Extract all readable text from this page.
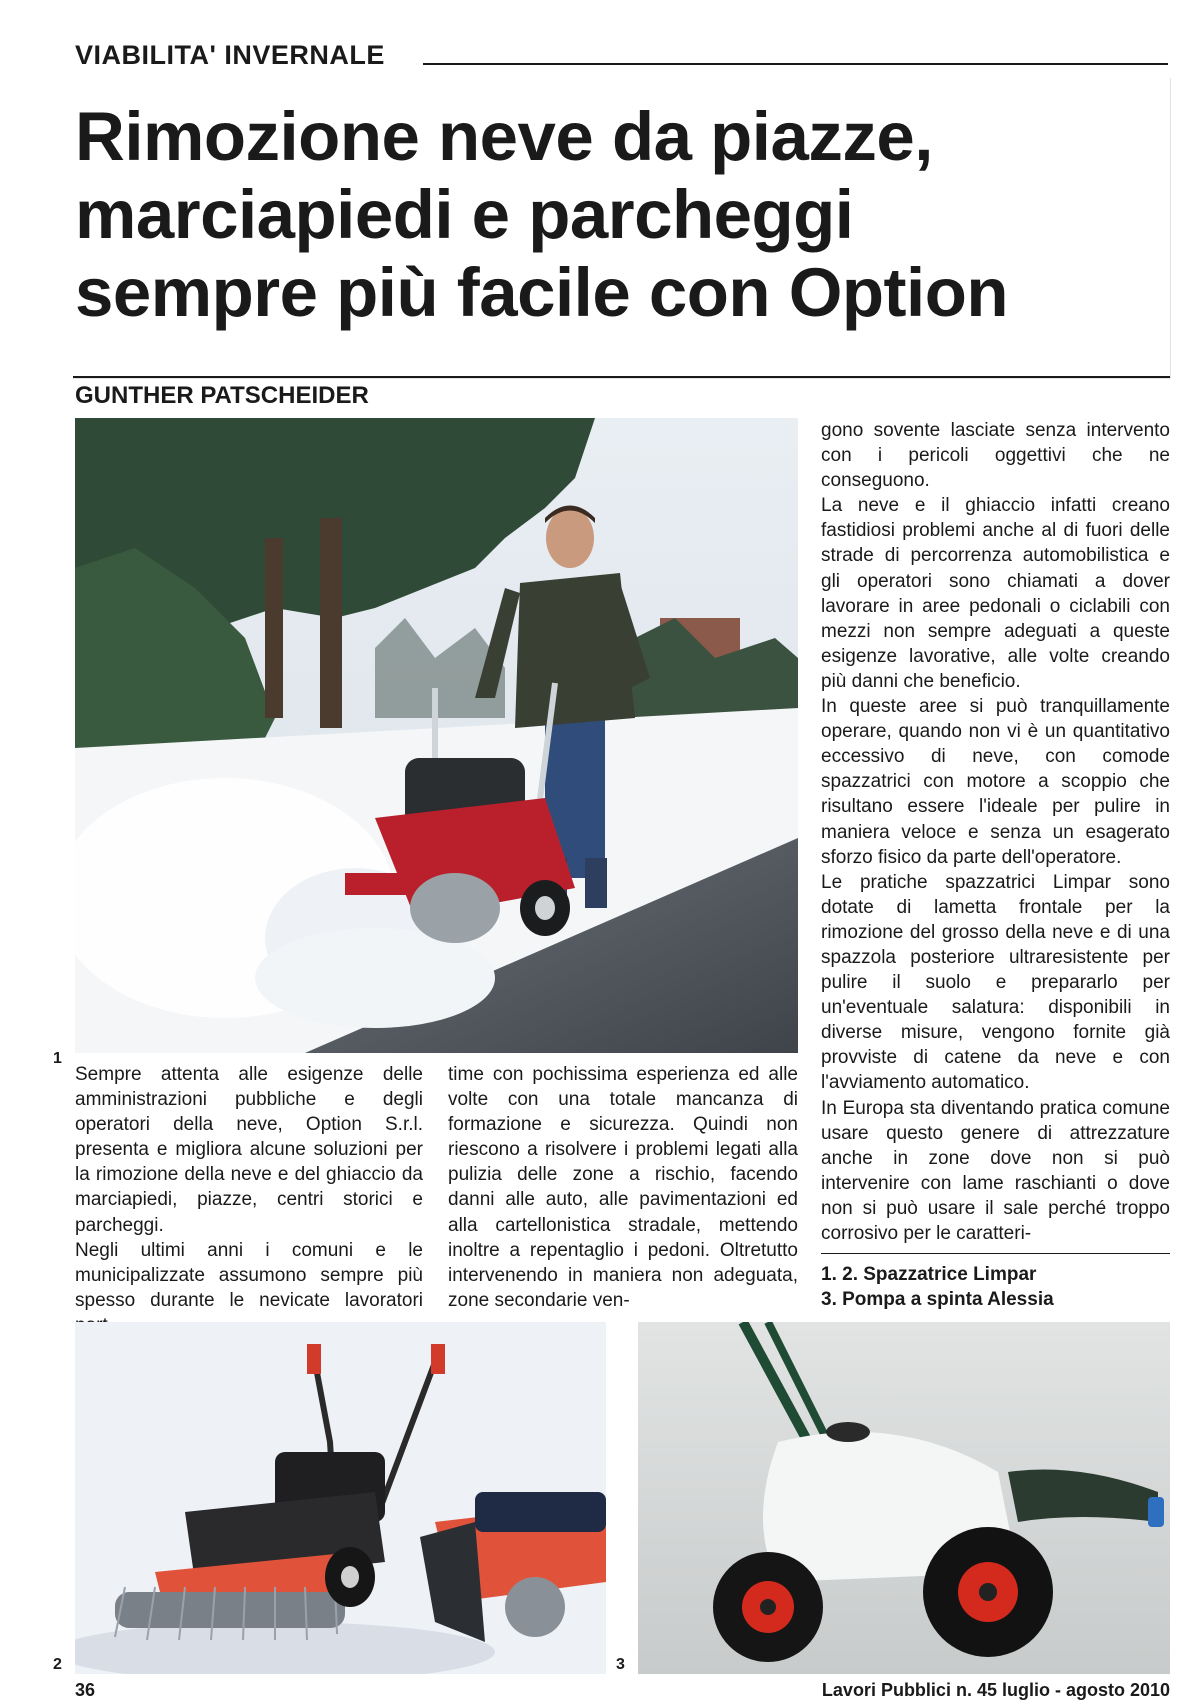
VIABILITA' INVERNALE
Rimozione neve da piazze,
marciapiedi e parcheggi
sempre più facile con Option
GUNTHER PATSCHEIDER
1

Sempre attenta alle esigenze delle amministrazioni pubbliche e degli operatori della neve, Option S.r.l. presenta e migliora alcune soluzioni per la rimozione della neve e del ghiaccio da marciapiedi, piazze, centri storici e parcheggi.

Negli ultimi anni i comuni e le municipalizzate assumono sempre più spesso durante le nevicate lavoratori

time con pochissima esperienza ed alle volte con una totale mancanza di formazione e sicurezza. Quindi non riescono a risolvere i problemi legati alla pulizia delle zone a rischio, facendo danni alle auto, alle pavimentazioni ed alla cartellonistica stradale, mettendo inoltre a repentaglio i pedoni. Oltretutto intervenendo in maniera non adeguata, zone secondarie ven-

gono sovente lasciate senza intervento con i pericoli oggettivi che ne conseguono.

La neve e il ghiaccio infatti creano fastidiosi problemi anche al di fuori delle strade di percorrenza automobilistica e gli operatori sono chiamati a dover lavorare in aree pedonali o ciclabili con mezzi non sempre adeguati a queste esigenze lavorative, alle volte creando più danni che beneficio.

In queste aree si può tranquillamente operare, quando non vi è un quantitativo eccessivo di neve, con comode spazzatrici con motore a scoppio che risultano essere l'ideale per pulire in maniera veloce e senza un esagerato sforzo fisico da parte dell'operatore.

Le pratiche spazzatrici Limpar sono dotate di lametta frontale per la rimozione del grosso della neve e di una spazzola posteriore ultraresistente per pulire il suolo e prepararlo per un'eventuale salatura: disponibili in diverse misure, vengono fornite già provviste di catene da neve e con l'avviamento automatico.

In Europa sta diventando pratica comune usare questo genere di attrezzature anche in zone dove non si può intervenire con lame raschianti o dove non si può usare il sale perché troppo corrosivo per le caratteri-

1. 2. Spazzatrice Limpar
3. Pompa a spinta Alessia
2	3
36	Lavori Pubblici n. 45 luglio - agosto 2010
